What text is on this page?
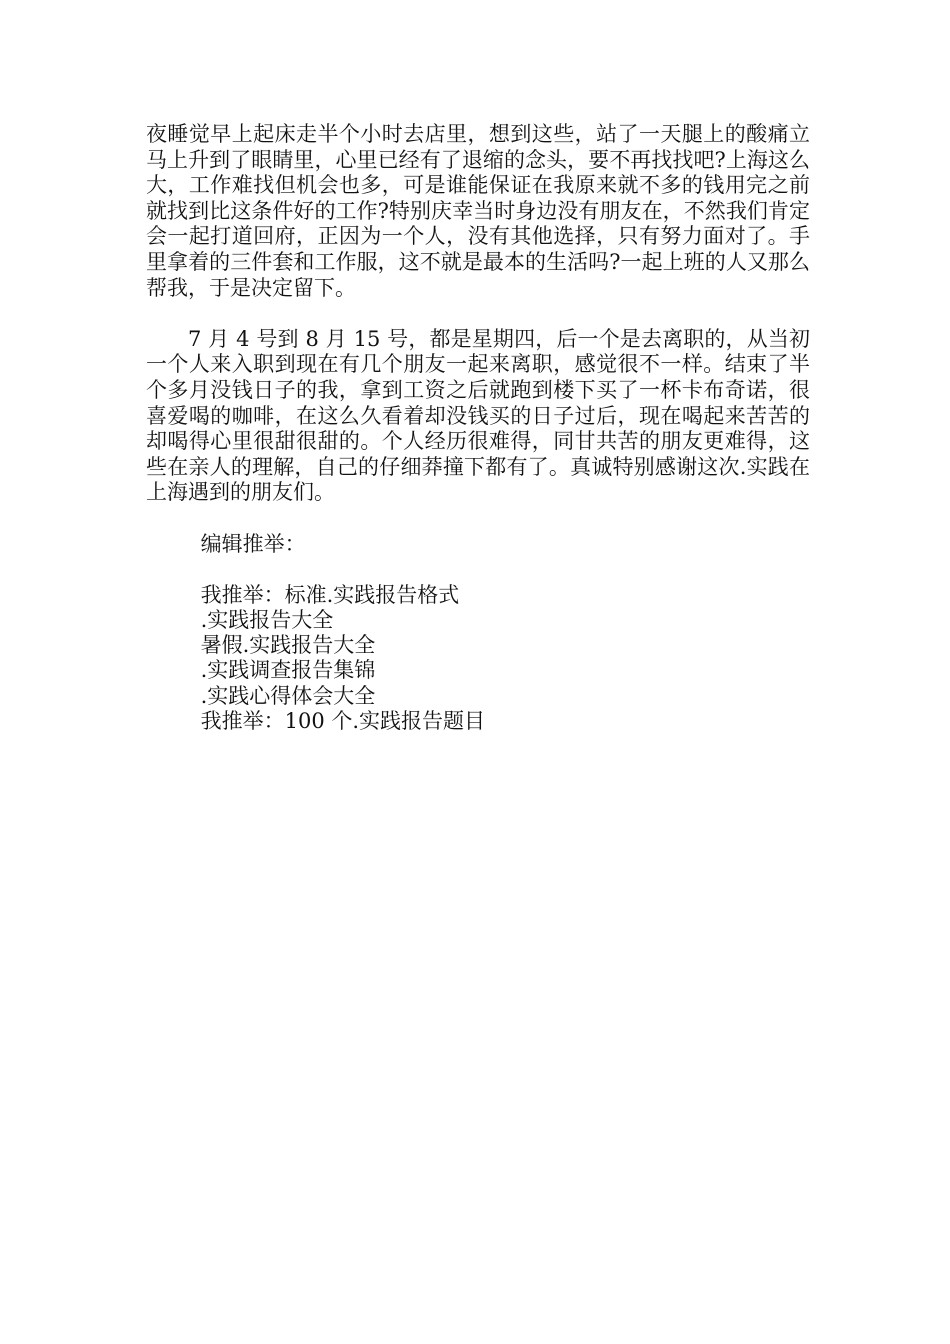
夜睡觉早上起床走半个小时去店里，想到这些，站了一天腿上的酸痛立马上升到了眼睛里，心里已经有了退缩的念头，要不再找找吧?上海这么大，工作难找但机会也多，可是谁能保证在我原来就不多的钱用完之前就找到比这条件好的工作?特别庆幸当时身边没有朋友在，不然我们肯定会一起打道回府，正因为一个人，没有其他选择，只有努力面对了。手里拿着的三件套和工作服，这不就是最本的生活吗?一起上班的人又那么帮我，于是决定留下。

7 月 4 号到 8 月 15 号，都是星期四，后一个是去离职的，从当初一个人来入职到现在有几个朋友一起来离职，感觉很不一样。结束了半个多月没钱日子的我，拿到工资之后就跑到楼下买了一杯卡布奇诺，很喜爱喝的咖啡，在这么久看着却没钱买的日子过后，现在喝起来苦苦的却喝得心里很甜很甜的。个人经历很难得，同甘共苦的朋友更难得，这些在亲人的理解，自己的仔细莽撞下都有了。真诚特别感谢这次.实践在上海遇到的朋友们。

编辑推举：

我推举：标准.实践报告格式
.实践报告大全
暑假.实践报告大全
.实践调查报告集锦
.实践心得体会大全
我推举：100 个.实践报告题目
